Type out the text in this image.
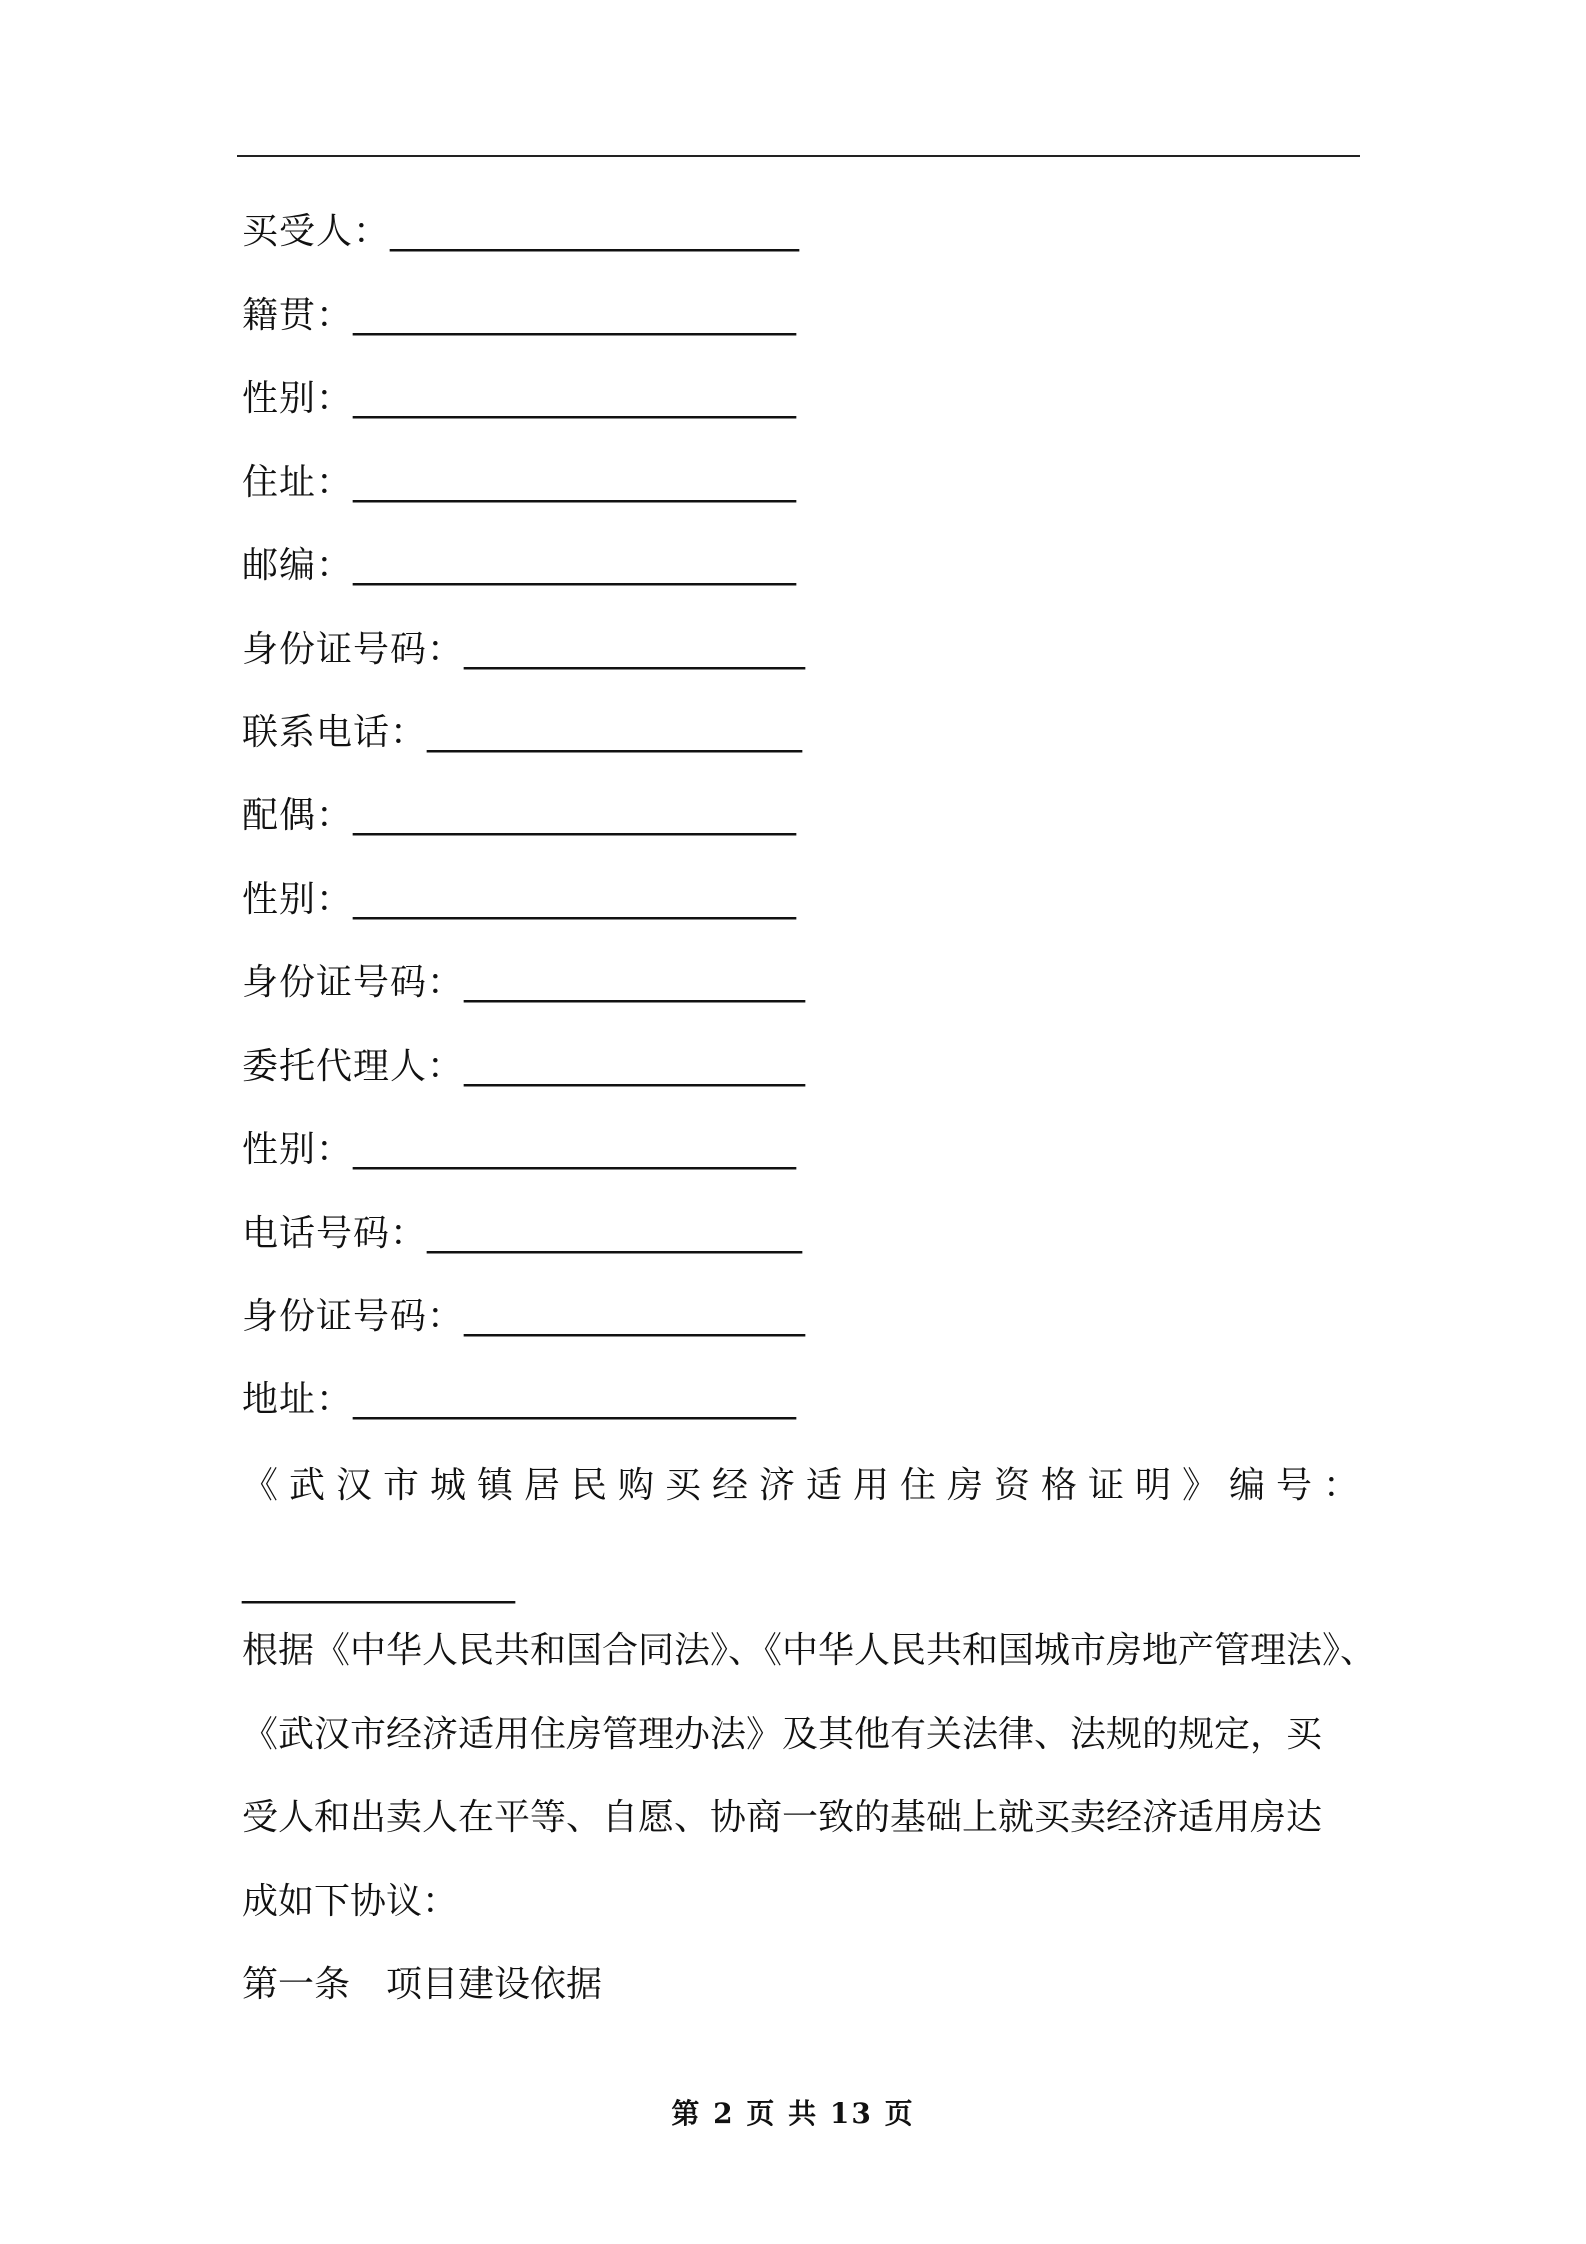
买受人：________________________
籍贯：__________________________
性别：__________________________
住址：__________________________
邮编：__________________________
身份证号码：____________________
联系电话：______________________
配偶：__________________________
性别：__________________________
身份证号码：____________________
委托代理人：____________________
性别：__________________________
电话号码：______________________
身份证号码：____________________
地址：__________________________
《武汉市城镇居民购买经济适用住房资格证明》编号：
________________
根据《中华人民共和国合同法》、《中华人民共和国城市房地产管理法》、
《武汉市经济适用住房管理办法》及其他有关法律、法规的规定，买
受人和出卖人在平等、自愿、协商一致的基础上就买卖经济适用房达
成如下协议：
第一条　项目建设依据
第 2 页 共 13 页
